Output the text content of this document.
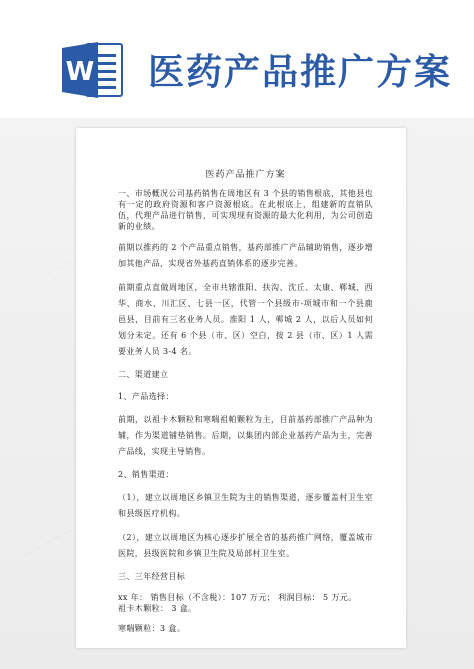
W 医药产品推广方案
— — — — —
— — — — —
医药产品推广方案

一、市场概况公司基药销售在周地区有 3 个县的销售根底，其他县也有一定的政府资源和客户资源根底。在此根底上，组建新的直销队伍，代理产品进行销售，可实现现有资源的最大化利用，为公司创造新的业绩。

前期以推药的 2 个产品重点销售，基药部推广产品辅助销售，逐步增加其他产品，实现省外基药直销体系的逐步完善。

前期重点直做周地区，全市共辖淮阳、扶沟、沈丘、太康、郸城、西华、商水、川汇区、七县一区，代管一个县级市-项城市和一个县鹿邑县，目前有三名业务人员。淮阳 1 人，郸城 2 人，以后人员如何划分未定。还有 6 个县（市、区）空白，按 2 县（市、区）1 人需要业务人员 3-4 名。

二、渠道建立

1、产品选择：

前期，以祖卡木颗粒和寒喘祖帕颗粒为主，目前基药部推广产品种为辅，作为渠道铺垫销售。后期，以集团内部企业基药产品为主，完善产品线，实现主导销售。

2、销售渠道：

（1），建立以周地区乡镇卫生院为主的销售渠道，逐步覆盖村卫生室和县级医疗机构。

（2），建立以周地区为核心逐步扩展全省的基药推广网络，覆盖城市医院，县级医院和乡镇卫生院及局部村卫生室。

三、三年经营目标

xx 年： 销售目标（不含税）：107 万元； 利润目标： 5 万元。

祖卡木颗粒： 3 盒。

寒喘颗粒：3 盒。
